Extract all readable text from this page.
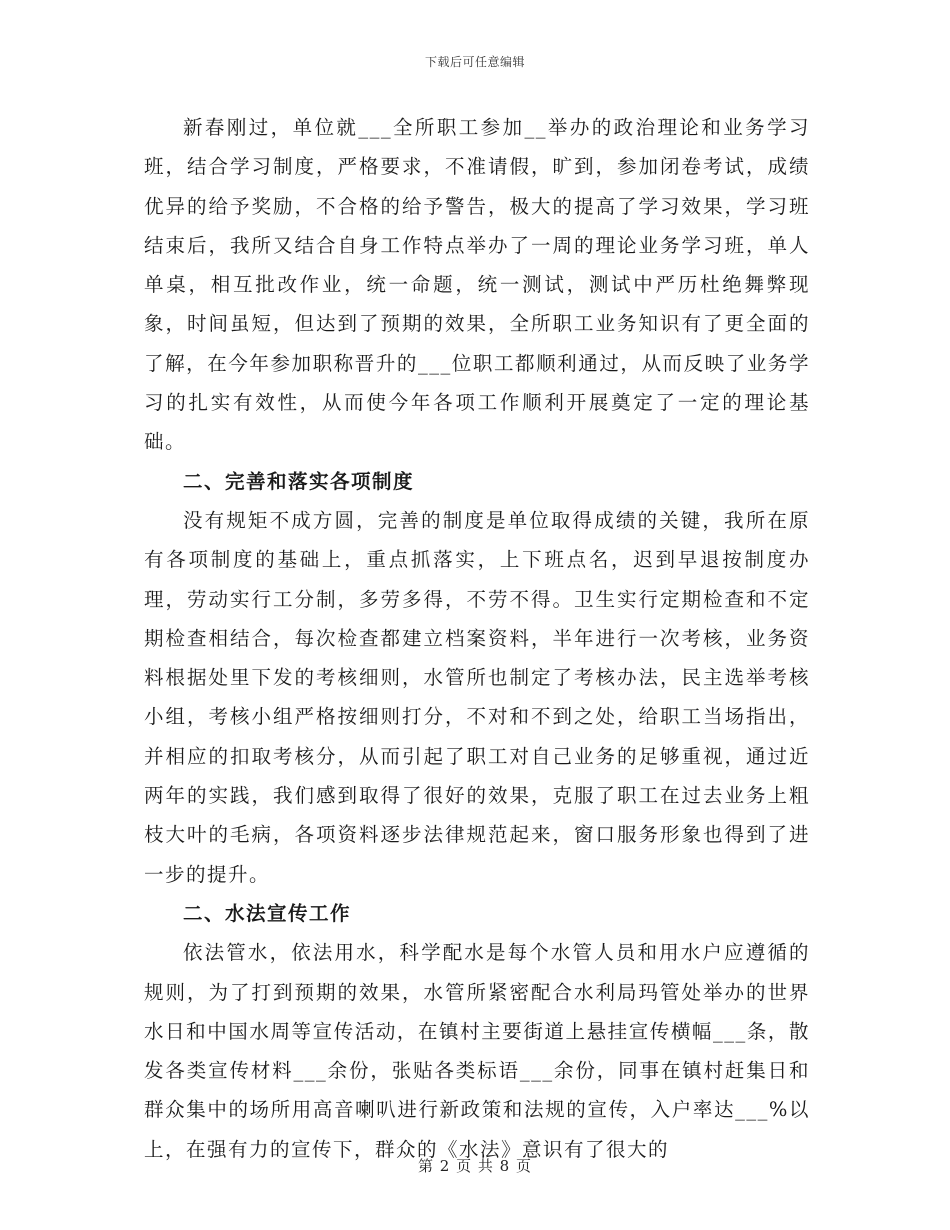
下载后可任意编辑

新春刚过，单位就___全所职工参加__举办的政治理论和业务学习班，结合学习制度，严格要求，不准请假，旷到，参加闭卷考试，成绩优异的给予奖励，不合格的给予警告，极大的提高了学习效果，学习班结束后，我所又结合自身工作特点举办了一周的理论业务学习班，单人单桌，相互批改作业，统一命题，统一测试，测试中严历杜绝舞弊现象，时间虽短，但达到了预期的效果，全所职工业务知识有了更全面的了解，在今年参加职称晋升的___位职工都顺利通过，从而反映了业务学习的扎实有效性，从而使今年各项工作顺利开展奠定了一定的理论基础。

二、完善和落实各项制度

没有规矩不成方圆，完善的制度是单位取得成绩的关键，我所在原有各项制度的基础上，重点抓落实，上下班点名，迟到早退按制度办理，劳动实行工分制，多劳多得，不劳不得。卫生实行定期检查和不定期检查相结合，每次检查都建立档案资料，半年进行一次考核，业务资料根据处里下发的考核细则，水管所也制定了考核办法，民主选举考核小组，考核小组严格按细则打分，不对和不到之处，给职工当场指出，并相应的扣取考核分，从而引起了职工对自己业务的足够重视，通过近两年的实践，我们感到取得了很好的效果，克服了职工在过去业务上粗枝大叶的毛病，各项资料逐步法律规范起来，窗口服务形象也得到了进一步的提升。

二、水法宣传工作

依法管水，依法用水，科学配水是每个水管人员和用水户应遵循的规则，为了打到预期的效果，水管所紧密配合水利局玛管处举办的世界水日和中国水周等宣传活动，在镇村主要街道上悬挂宣传横幅___条，散发各类宣传材料___余份，张贴各类标语___余份，同事在镇村赶集日和群众集中的场所用高音喇叭进行新政策和法规的宣传，入户率达___%以上，在强有力的宣传下，群众的《水法》意识有了很大的

第 2 页 共 8 页
